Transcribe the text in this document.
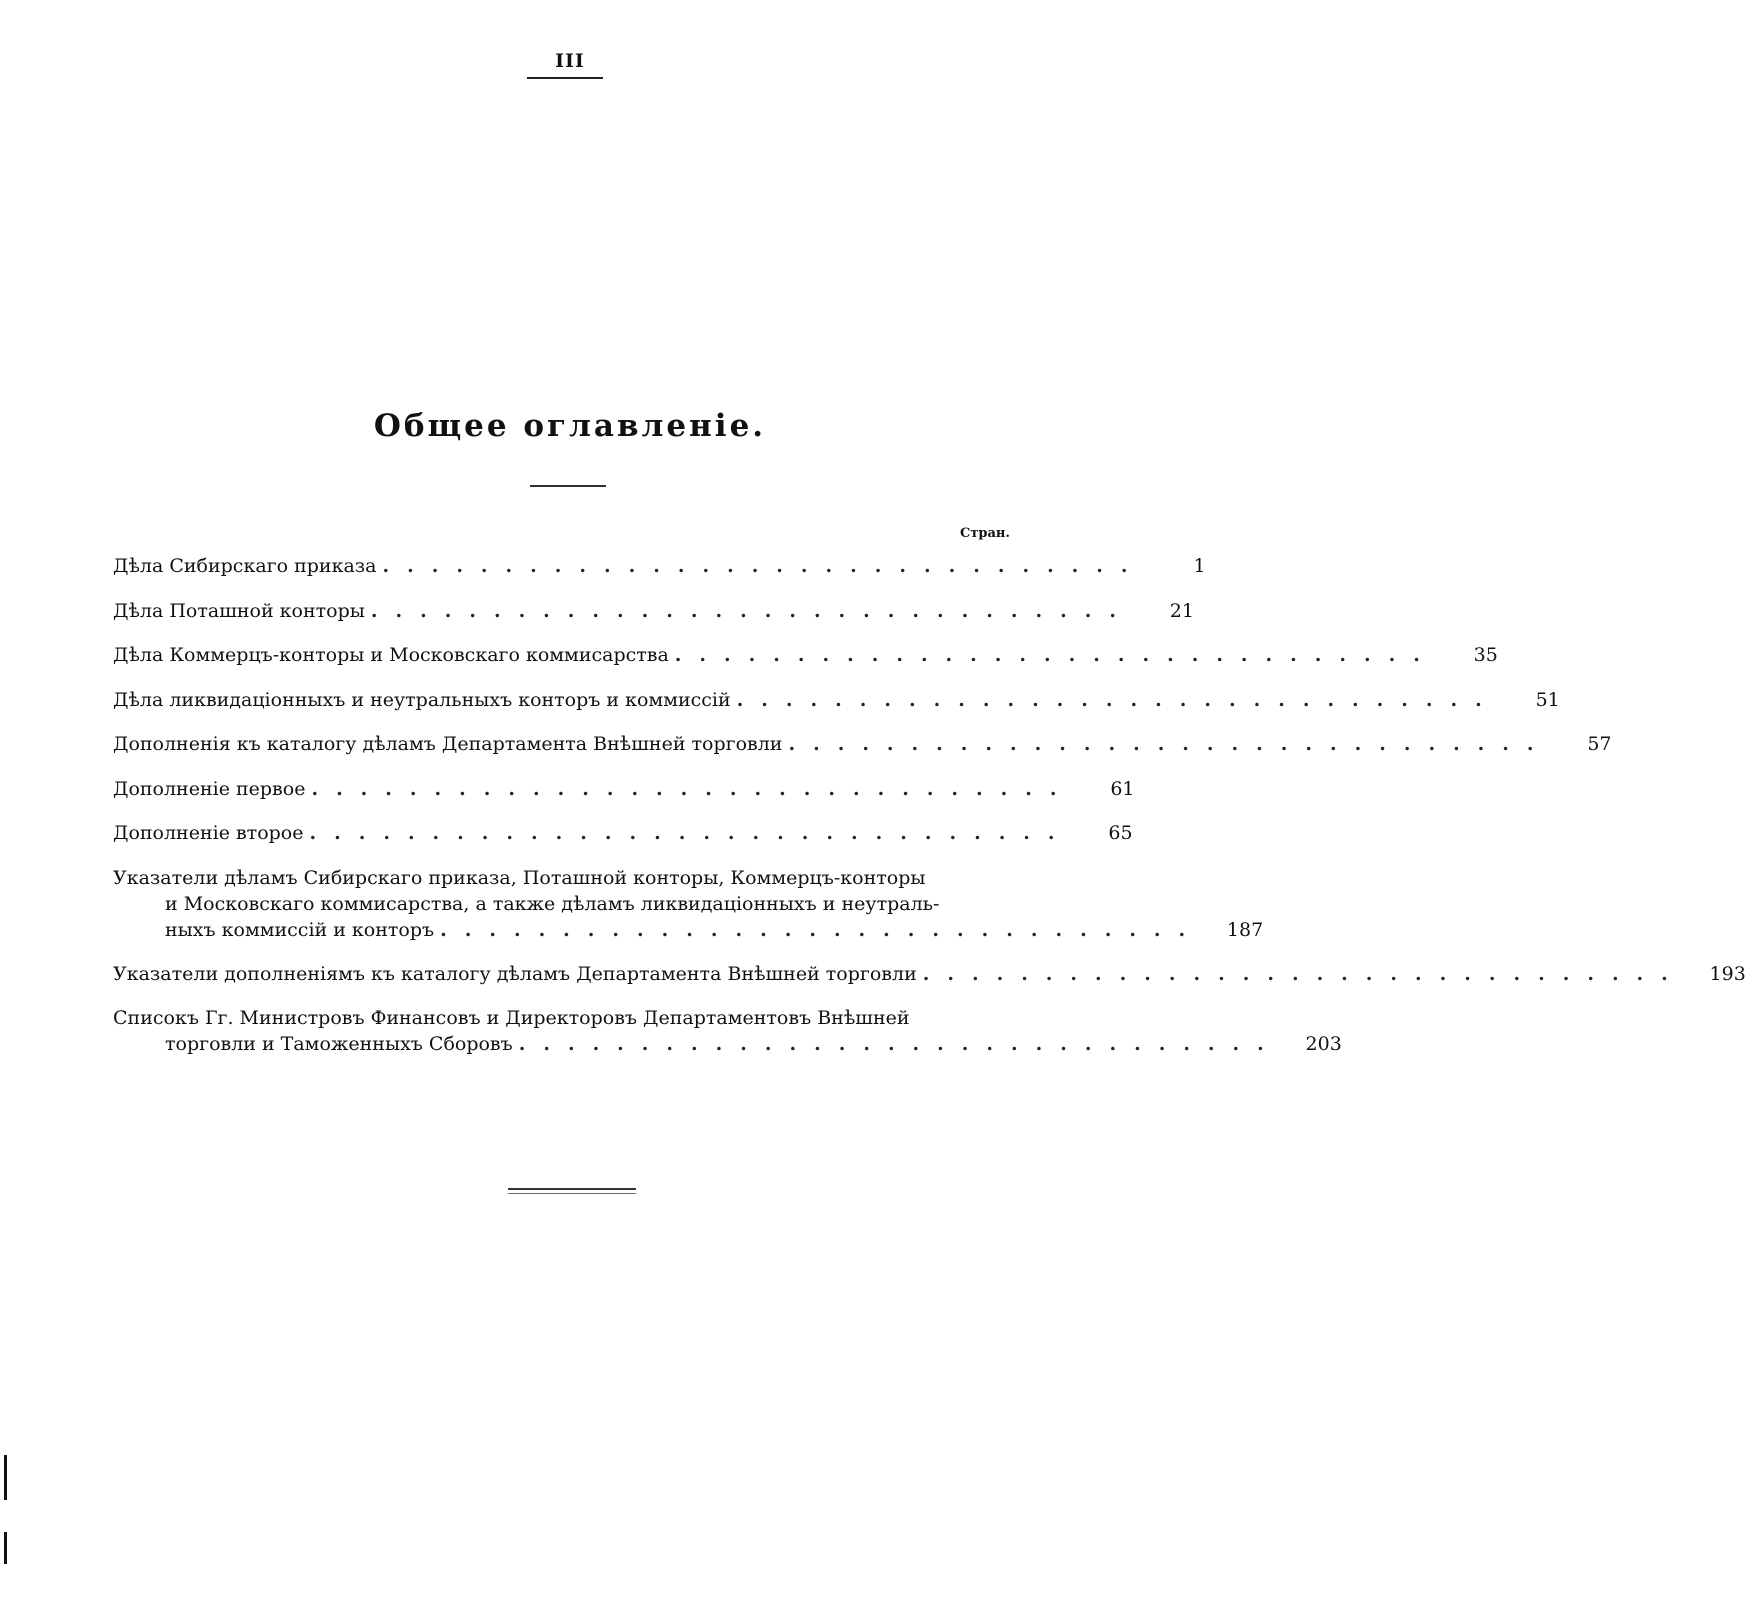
III
Общее оглавленіе.
Стран.
Дѣла Сибирскаго приказа ...............................	1
Дѣла Поташной конторы ...............................	21
Дѣла Коммерцъ-конторы и Московскаго коммисарства ...............................	35
Дѣла ликвидаціонныхъ и неутральныхъ конторъ и коммиссій ...............................	51
Дополненія къ каталогу дѣламъ Департамента Внѣшней торговли ...............................	57
Дополненіе первое ...............................	61
Дополненіе второе ...............................	65
Указатели дѣламъ Сибирскаго приказа, Поташной конторы, Коммерцъ-конторы
и Московскаго коммисарства, а также дѣламъ ликвидаціонныхъ и неутраль-
ныхъ коммиссій и конторъ ...............................	187
Указатели дополненіямъ къ каталогу дѣламъ Департамента Внѣшней торговли ...............................	193
Списокъ Гг. Министровъ Финансовъ и Директоровъ Департаментовъ Внѣшней
торговли и Таможенныхъ Сборовъ ...............................	203
